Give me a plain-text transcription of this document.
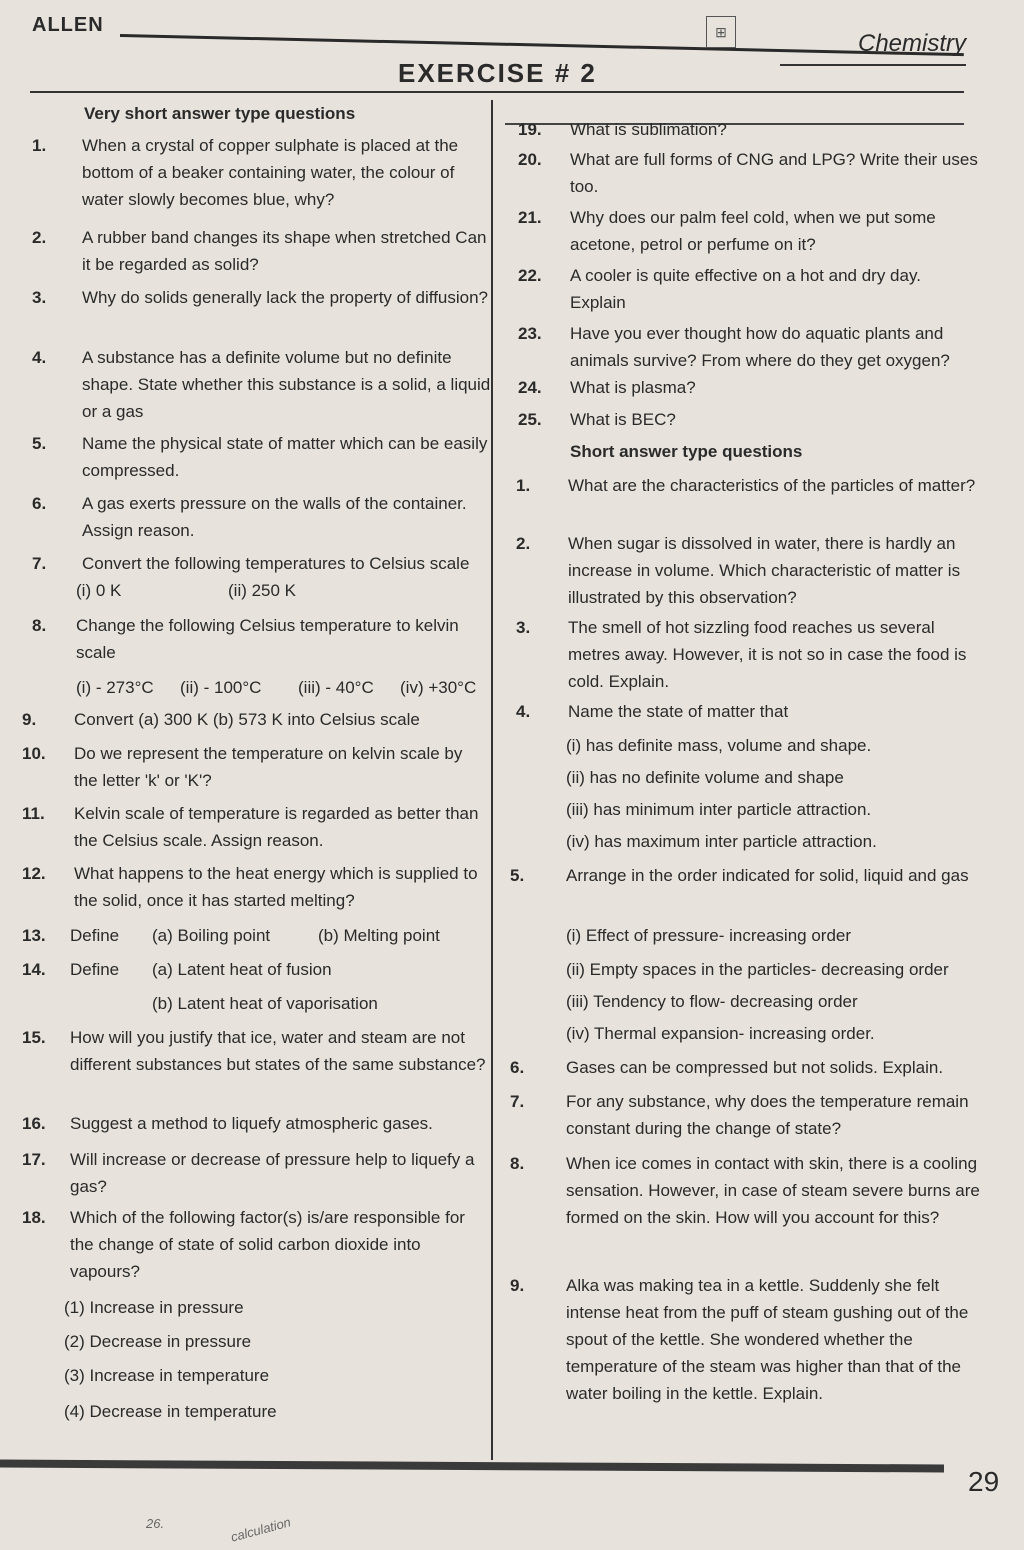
ALLEN	⊞	Chemistry
EXERCISE # 2
Very short answer type questions
1. When a crystal of copper sulphate is placed at the bottom of a beaker containing water, the colour of water slowly becomes blue, why?
2. A rubber band changes its shape when stretched Can it be regarded as solid?
3. Why do solids generally lack the property of diffusion?
4. A substance has a definite volume but no definite shape. State whether this substance is a solid, a liquid or a gas
5. Name the physical state of matter which can be easily compressed.
6. A gas exerts pressure on the walls of the container. Assign reason.
7. Convert the following temperatures to Celsius scale
(i) 0 K	(ii) 250 K
8. Change the following Celsius temperature to kelvin scale
(i) - 273°C (ii) - 100°C (iii) - 40°C (iv) +30°C
9. Convert (a) 300 K (b) 573 K into Celsius scale
10. Do we represent the temperature on kelvin scale by the letter 'k' or 'K'?
11. Kelvin scale of temperature is regarded as better than the Celsius scale. Assign reason.
12. What happens to the heat energy which is supplied to the solid, once it has started melting?
13. Define (a) Boiling point	(b) Melting point
14. Define (a) Latent heat of fusion
(b) Latent heat of vaporisation
15. How will you justify that ice, water and steam are not different substances but states of the same substance?
16. Suggest a method to liquefy atmospheric gases.
17. Will increase or decrease of pressure help to liquefy a gas?
18. Which of the following factor(s) is/are responsible for the change of state of solid carbon dioxide into vapours?
(1) Increase in pressure
(2) Decrease in pressure
(3) Increase in temperature
(4) Decrease in temperature
19. What is sublimation?
20. What are full forms of CNG and LPG? Write their uses too.
21. Why does our palm feel cold, when we put some acetone, petrol or perfume on it?
22. A cooler is quite effective on a hot and dry day. Explain
23. Have you ever thought how do aquatic plants and animals survive? From where do they get oxygen?
24. What is plasma?
25. What is BEC?
Short answer type questions
1. What are the characteristics of the particles of matter?
2. When sugar is dissolved in water, there is hardly an increase in volume. Which characteristic of matter is illustrated by this observation?
3. The smell of hot sizzling food reaches us several metres away. However, it is not so in case the food is cold. Explain.
4. Name the state of matter that
(i) has definite mass, volume and shape.
(ii) has no definite volume and shape
(iii) has minimum inter particle attraction.
(iv) has maximum inter particle attraction.
5. Arrange in the order indicated for solid, liquid and gas
(i) Effect of pressure- increasing order
(ii) Empty spaces in the particles- decreasing order
(iii) Tendency to flow- decreasing order
(iv) Thermal expansion- increasing order.
6. Gases can be compressed but not solids. Explain.
7. For any substance, why does the temperature remain constant during the change of state?
8. When ice comes in contact with skin, there is a cooling sensation. However, in case of steam severe burns are formed on the skin. How will you account for this?
9. Alka was making tea in a kettle. Suddenly she felt intense heat from the puff of steam gushing out of the spout of the kettle. She wondered whether the temperature of the steam was higher than that of the water boiling in the kettle. Explain.
29
26.	calculation
